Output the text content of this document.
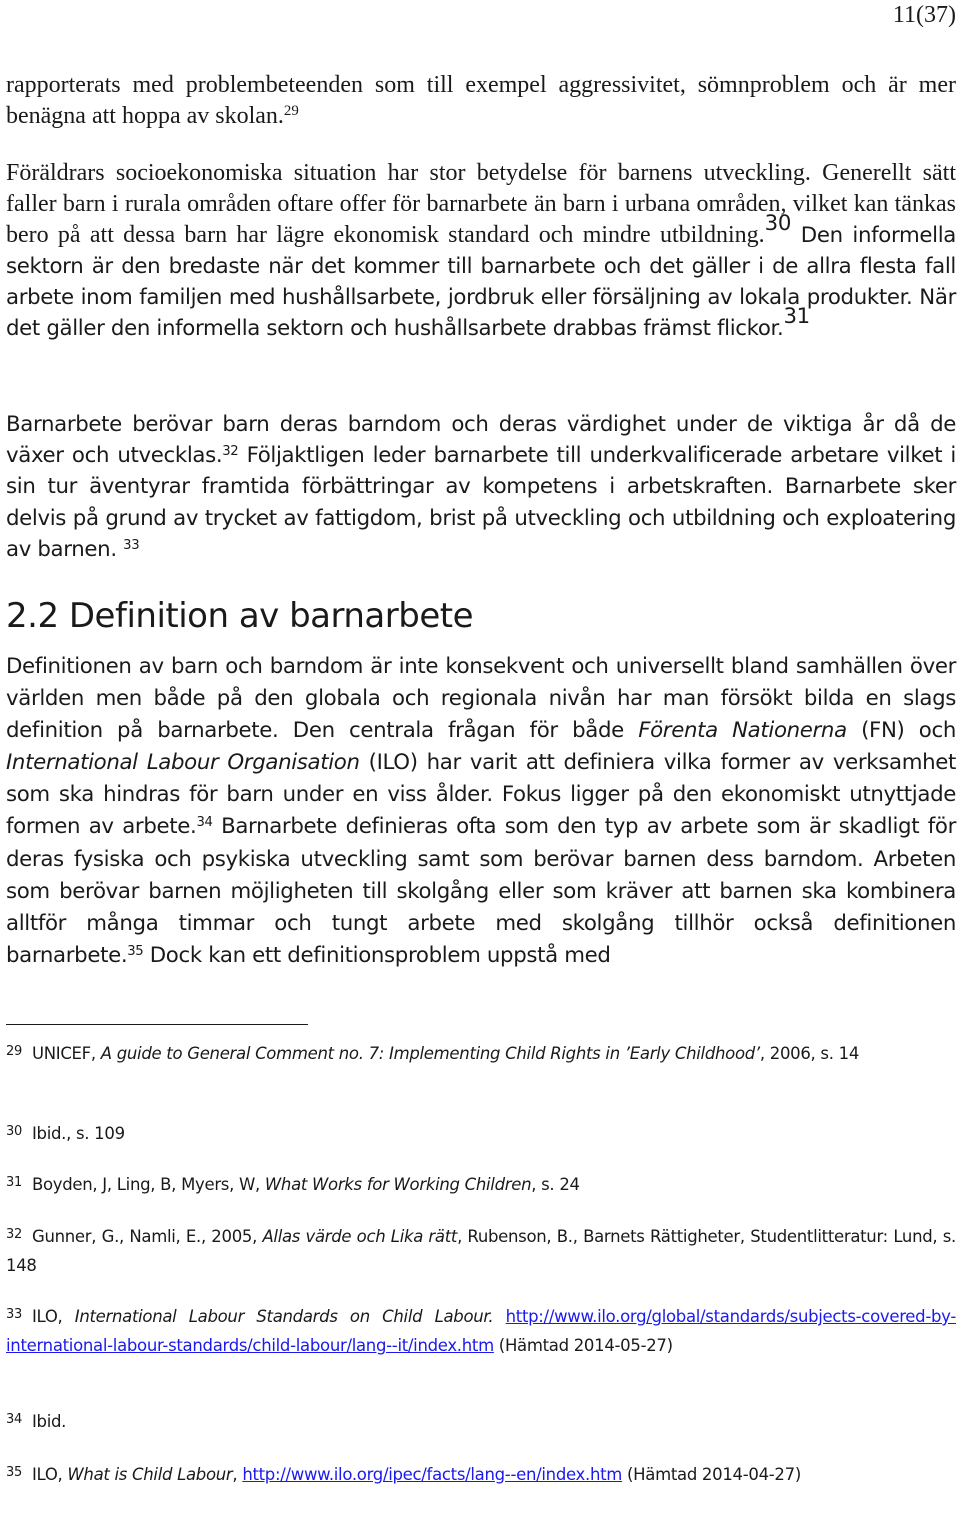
11(37)

rapporterats med problembeteenden som till exempel aggressivitet, sömnproblem och är mer benägna att hoppa av skolan.$^{29}$

Föräldrars socioekonomiska situation har stor betydelse för barnens utveckling. Generellt sätt faller barn i rurala områden oftare offer för barnarbete än barn i urbana områden, vilket kan tänkas bero på att dessa barn har lägre ekonomisk standard och mindre utbildning.$^{30}$ Den informella sektorn är den bredaste när det kommer till barnarbete och det gäller i de allra flesta fall arbete inom familjen med hushållsarbete, jordbruk eller försäljning av lokala produkter. När det gäller den informella sektorn och hushållsarbete drabbas främst flickor.$^{31}$

Barnarbete berövar barn deras barndom och deras värdighet under de viktiga år då de växer och utvecklas.$^{32}$ Följaktligen leder barnarbete till underkvalificerade arbetare vilket i sin tur äventyrar framtida förbättringar av kompetens i arbetskraften. Barnarbete sker delvis på grund av trycket av fattigdom, brist på utveckling och utbildning och exploatering av barnen. $^{33}$

2.2 Definition av barnarbete

Definitionen av barn och barndom är inte konsekvent och universellt bland samhällen över världen men både på den globala och regionala nivån har man försökt bilda en slags definition på barnarbete. Den centrala frågan för både Förenta Nationerna (FN) och International Labour Organisation (ILO) har varit att definiera vilka former av verksamhet som ska hindras för barn under en viss ålder. Fokus ligger på den ekonomiskt utnyttjade formen av arbete.$^{34}$ Barnarbete definieras ofta som den typ av arbete som är skadligt för deras fysiska och psykiska utveckling samt som berövar barnen dess barndom. Arbeten som berövar barnen möjligheten till skolgång eller som kräver att barnen ska kombinera alltför många timmar och tungt arbete med skolgång tillhör också definitionen barnarbete.$^{35}$ Dock kan ett definitionsproblem uppstå med

$^{29}$ UNICEF, A guide to General Comment no. 7: Implementing Child Rights in ’Early Childhood’, 2006, s. 14
$^{30}$ Ibid., s. 109
$^{31}$ Boyden, J, Ling, B, Myers, W, What Works for Working Children, s. 24
$^{32}$ Gunner, G., Namli, E., 2005, Allas värde och Lika rätt, Rubenson, B., Barnets Rättigheter, Studentlitteratur: Lund, s. 148
$^{33}$ ILO, International Labour Standards on Child Labour. http://www.ilo.org/global/standards/subjects-covered-by-international-labour-standards/child-labour/lang--it/index.htm (Hämtad 2014-05-27)
$^{34}$ Ibid.
$^{35}$ ILO, What is Child Labour, http://www.ilo.org/ipec/facts/lang--en/index.htm (Hämtad 2014-04-27)
